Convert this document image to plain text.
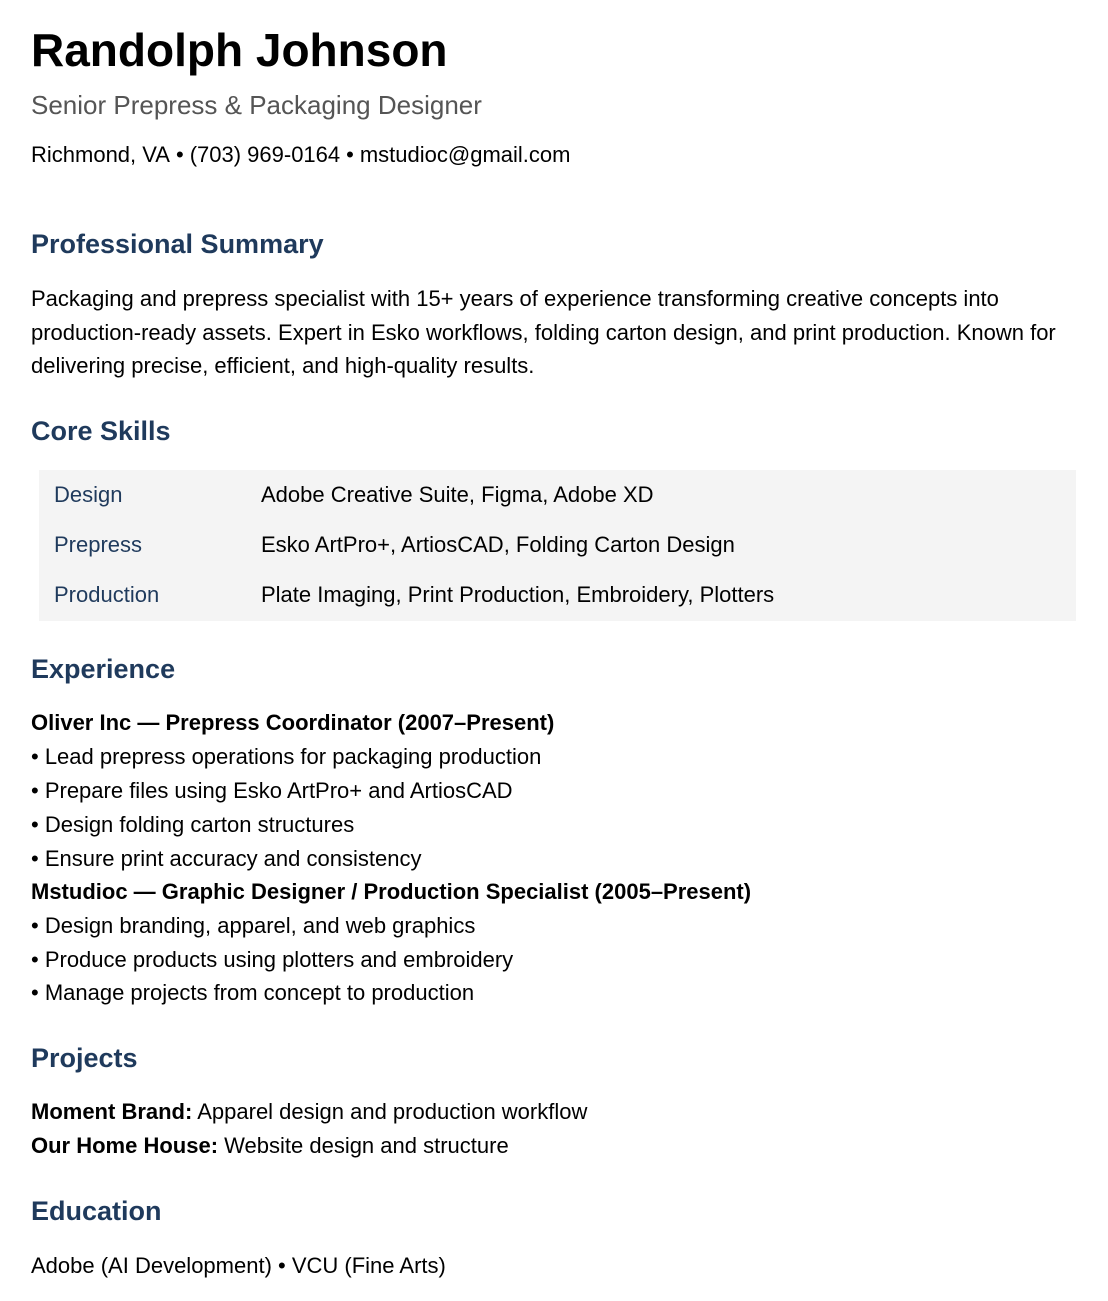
Randolph Johnson
Senior Prepress & Packaging Designer
Richmond, VA • (703) 969-0164 • mstudioc@gmail.com
Professional Summary

Packaging and prepress specialist with 15+ years of experience transforming creative concepts into production-ready assets. Expert in Esko workflows, folding carton design, and print production. Known for delivering precise, efficient, and high-quality results.

Core Skills
Design	Adobe Creative Suite, Figma, Adobe XD
Prepress	Esko ArtPro+, ArtiosCAD, Folding Carton Design
Production	Plate Imaging, Print Production, Embroidery, Plotters
Experience
Oliver Inc — Prepress Coordinator (2007–Present)
• Lead prepress operations for packaging production
• Prepare files using Esko ArtPro+ and ArtiosCAD
• Design folding carton structures
• Ensure print accuracy and consistency
Mstudioc — Graphic Designer / Production Specialist (2005–Present)
• Design branding, apparel, and web graphics
• Produce products using plotters and embroidery
• Manage projects from concept to production
Projects
Moment Brand: Apparel design and production workflow
Our Home House: Website design and structure
Education
Adobe (AI Development) • VCU (Fine Arts)
